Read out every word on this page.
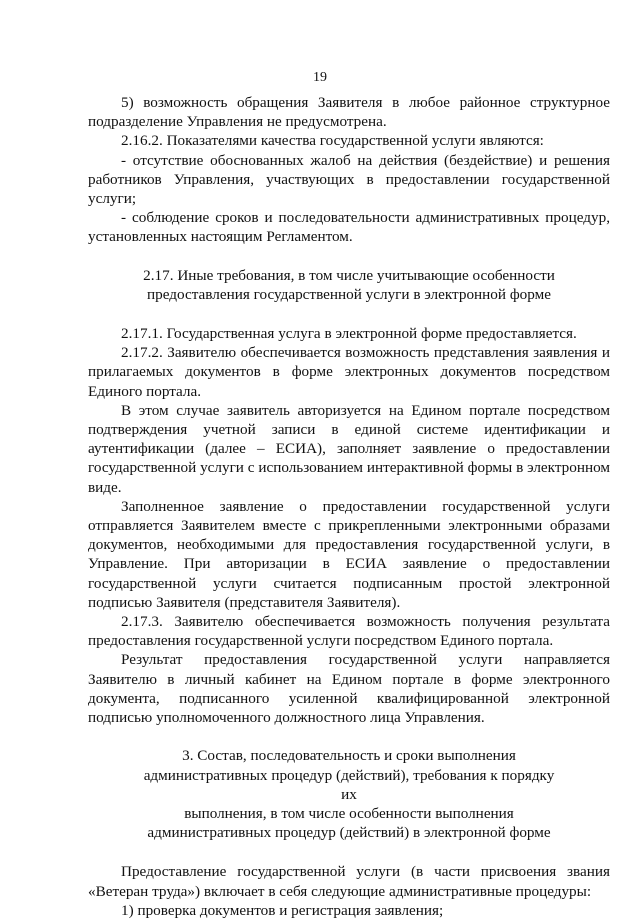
19

5) возможность обращения Заявителя в любое районное структурное подразделение Управления не предусмотрена.

2.16.2. Показателями качества государственной услуги являются:

- отсутствие обоснованных жалоб на действия (бездействие) и решения работников Управления, участвующих в предоставлении государственной услуги;

- соблюдение сроков и последовательности административных процедур, установленных настоящим Регламентом.

2.17. Иные требования, в том числе учитывающие особенности
предоставления государственной услуги в электронной форме

2.17.1. Государственная услуга в электронной форме предоставляется.

2.17.2. Заявителю обеспечивается возможность представления заявления и прилагаемых документов в форме электронных документов посредством Единого портала.

В этом случае заявитель авторизуется на Едином портале посредством подтверждения учетной записи в единой системе идентификации и аутентификации (далее – ЕСИА), заполняет заявление о предоставлении государственной услуги с использованием интерактивной формы в электронном виде.

Заполненное заявление о предоставлении государственной услуги отправляется Заявителем вместе с прикрепленными электронными образами документов, необходимыми для предоставления государственной услуги, в Управление. При авторизации в ЕСИА заявление о предоставлении государственной услуги считается подписанным простой электронной подписью Заявителя (представителя Заявителя).

2.17.3. Заявителю обеспечивается возможность получения результата предоставления государственной услуги посредством Единого портала.

Результат предоставления государственной услуги направляется Заявителю в личный кабинет на Едином портале в форме электронного документа, подписанного усиленной квалифицированной электронной подписью уполномоченного должностного лица Управления.

3. Состав, последовательность и сроки выполнения
административных процедур (действий), требования к порядку их
выполнения, в том числе особенности выполнения
административных процедур (действий) в электронной форме

Предоставление государственной услуги (в части присвоения звания «Ветеран труда») включает в себя следующие административные процедуры:

1) проверка документов и регистрация заявления;
